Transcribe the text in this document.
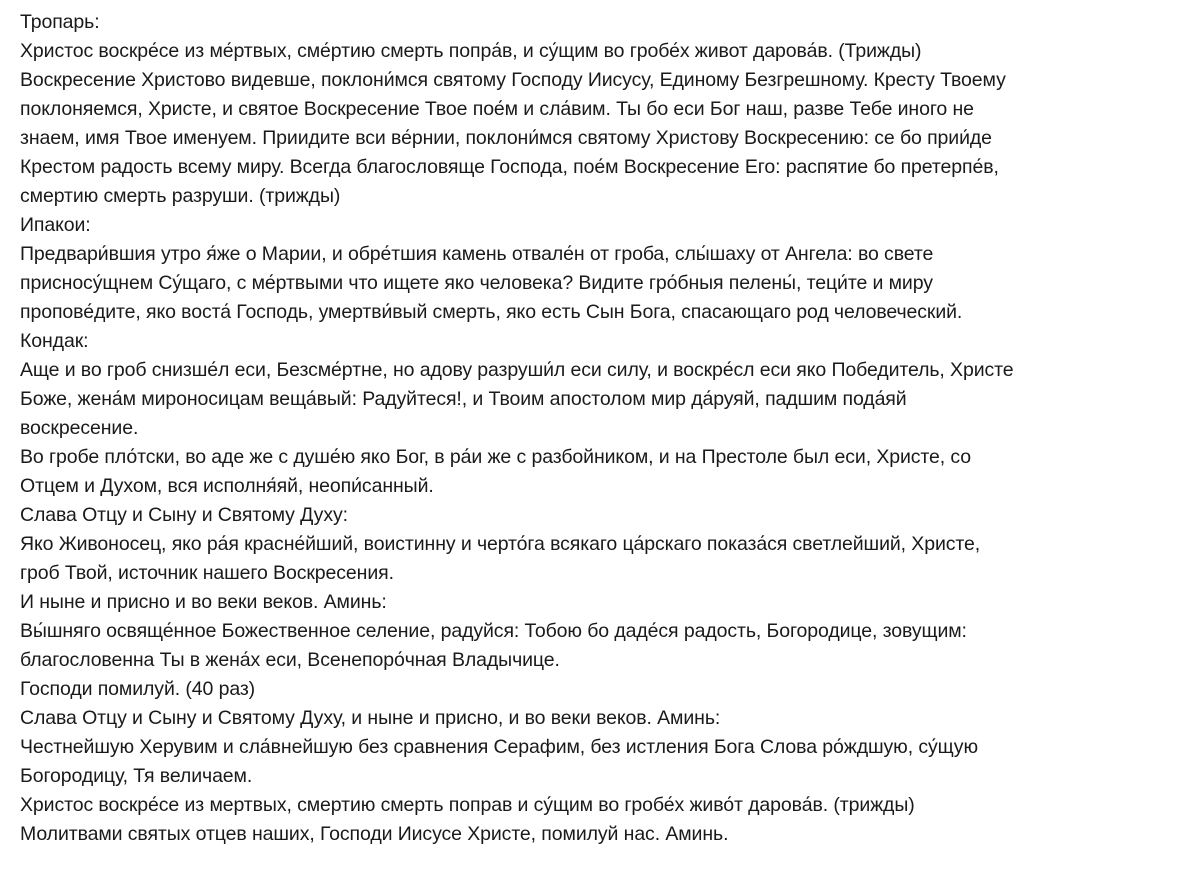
Тропарь:
Христос воскре́се из ме́ртвых, сме́ртию смерть попра́в, и су́щим во гробе́х живот дарова́в. (Трижды)
Воскресение Христово видевше, поклони́мся святому Господу Иисусу, Единому Безгрешному. Кресту Твоему
поклоняемся, Христе, и святое Воскресение Твое пое́м и сла́вим. Ты бо еси Бог наш, разве Тебе иного не
знаем, имя Твое именуем. Приидите вси ве́рнии, поклони́мся святому Христову Воскресению: се бо прии́де
Крестом радость всему миру. Всегда благословяще Господа, пое́м Воскресение Его: распятие бо претерпе́в,
смертию смерть разруши. (трижды)
Ипакои:
Предвари́вшия утро я́же о Марии, и обре́тшия камень отвале́н от гроба, слы́шаху от Ангела: во свете
присносу́щнем Су́щаго, с ме́ртвыми что ищете яко человека? Видите гро́бныя пелены́, теци́те и миру
пропове́дите, яко воста́ Господь, умертви́вый смерть, яко есть Сын Бога, спасающаго род человеческий.
Кондак:
Аще и во гроб снизше́л еси, Безсме́ртне, но адову разруши́л еси силу, и воскре́сл еси яко Победитель, Христе
Боже, жена́м мироносицам веща́вый: Радуйтеся!, и Твоим апостолом мир да́руяй, падшим пода́яй
воскресение.
Во гробе пло́тски, во аде же с душе́ю яко Бог, в ра́и же с разбойником, и на Престоле был еси, Христе, со
Отцем и Духом, вся исполня́яй, неопи́санный.
Слава Отцу и Сыну и Святому Духу:
Яко Живоносец, яко ра́я красне́йший, воистинну и черто́га всякаго ца́рскаго показа́ся светлейший, Христе,
гроб Твой, источник нашего Воскресения.
И ныне и присно и во веки веков. Аминь:
Вы́шняго освяще́нное Божественное селение, радуйся: Тобою бо даде́ся радость, Богородице, зовущим:
благословенна Ты в жена́х еси, Всенепоро́чная Владычице.
Господи помилуй. (40 раз)
Слава Отцу и Сыну и Святому Духу, и ныне и присно, и во веки веков. Аминь:
Честнейшую Херувим и сла́внейшую без сравнения Серафим, без истления Бога Слова ро́ждшую, су́щую
Богородицу, Тя величаем.
Христос воскре́се из мертвых, смертию смерть поправ и су́щим во гробе́х живо́т дарова́в. (трижды)
Молитвами святых отцев наших, Господи Иисусе Христе, помилуй нас. Аминь.
